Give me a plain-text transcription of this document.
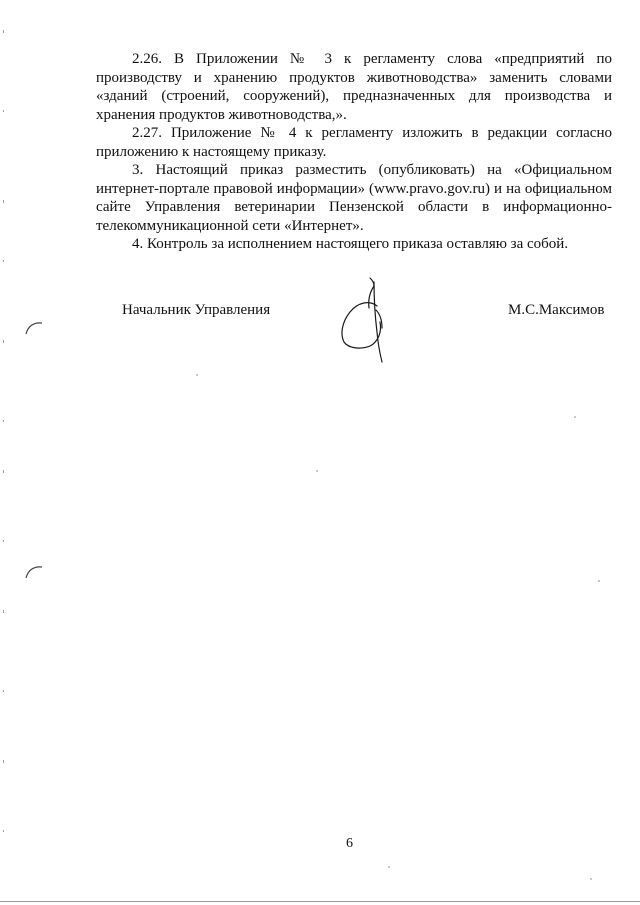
2.26. В Приложении № 3 к регламенту слова «предприятий по производству и хранению продуктов животноводства» заменить словами «зданий (строений, сооружений), предназначенных для производства и хранения продуктов животноводства,».

2.27. Приложение № 4 к регламенту изложить в редакции согласно приложению к настоящему приказу.

3. Настоящий приказ разместить (опубликовать) на «Официальном интернет-портале правовой информации» (www.pravo.gov.ru) и на официальном сайте Управления ветеринарии Пензенской области в информационно-телекоммуникационной сети «Интернет».

4. Контроль за исполнением настоящего приказа оставляю за собой.

Начальник Управления	М.С.Максимов
6
